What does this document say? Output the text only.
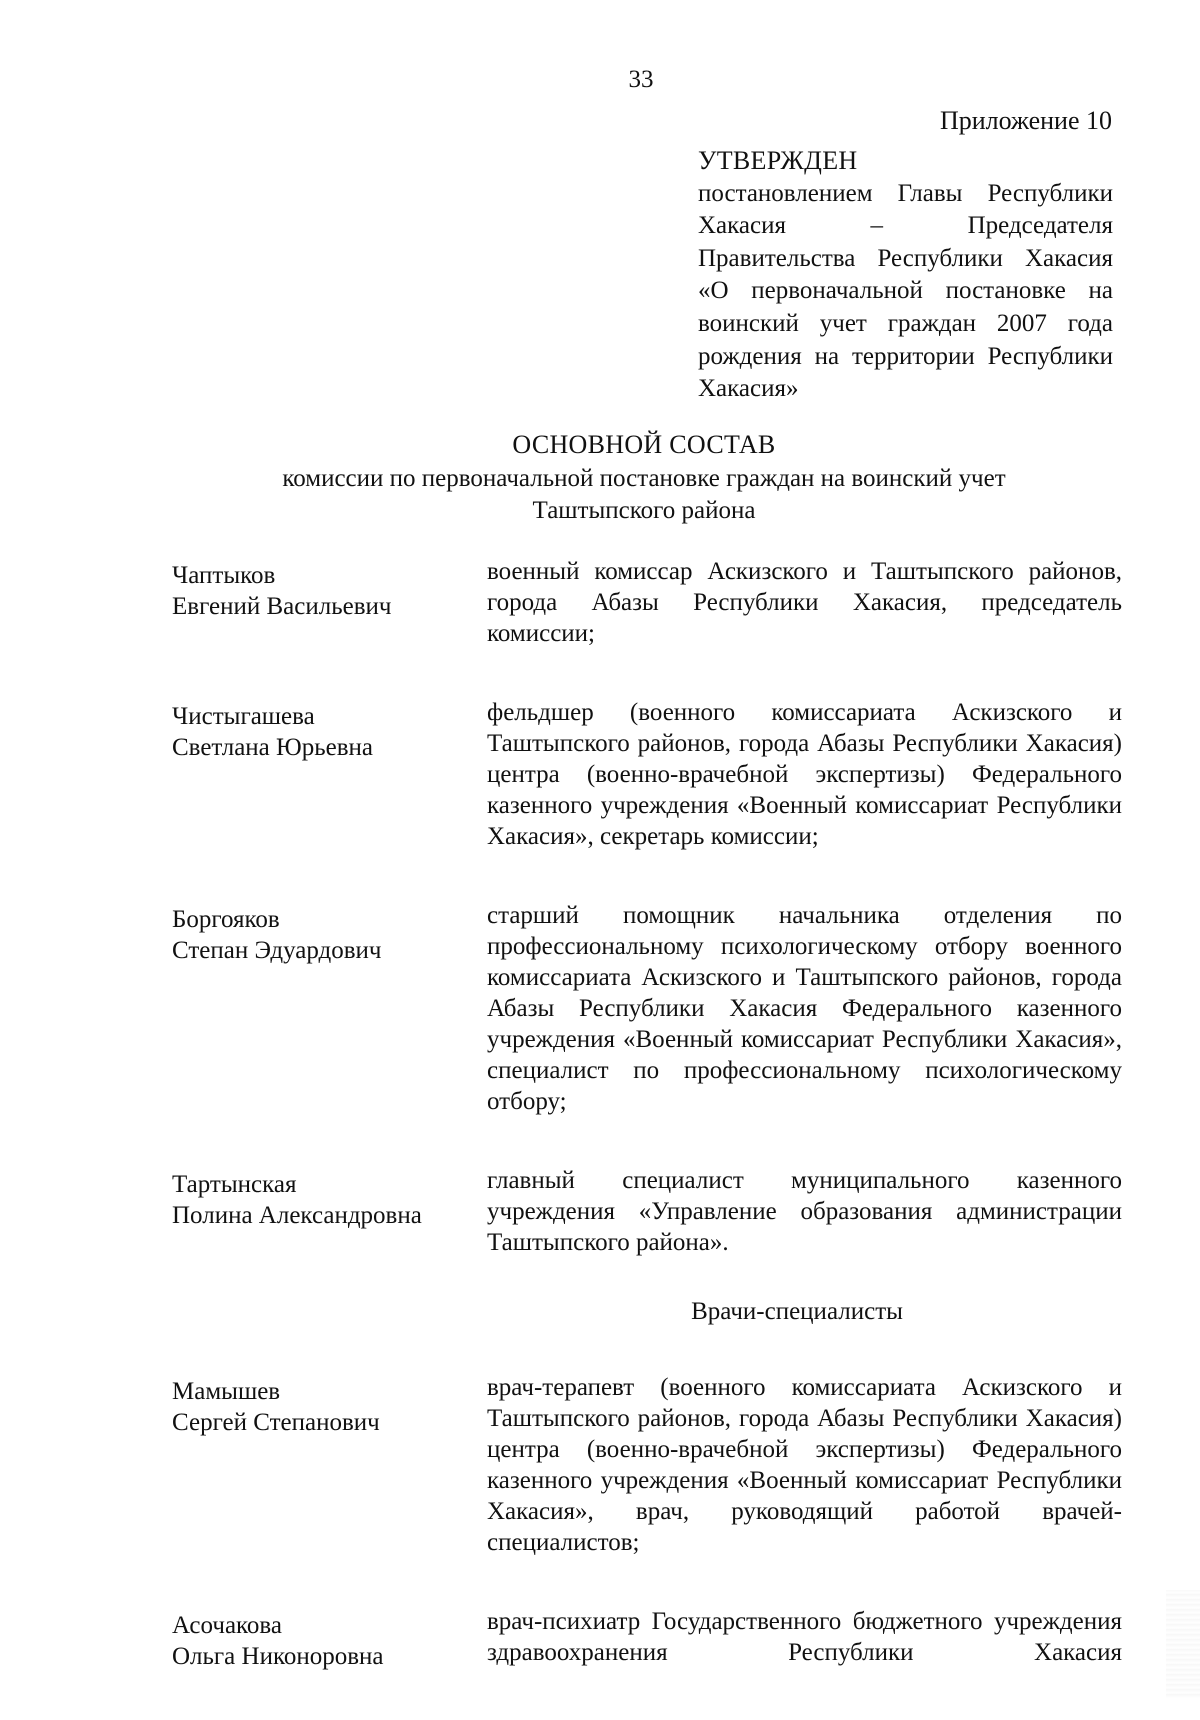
33
Приложение 10
УТВЕРЖДЕН
постановлением Главы Республики
Хакасия – Председателя
Правительства Республики Хакасия «О первоначальной постановке на воинский учет граждан 2007 года рождения на территории Республики Хакасия»
ОСНОВНОЙ СОСТАВ
комиссии по первоначальной постановке граждан на воинский учет
Таштыпского района
Чаптыков
Евгений Васильевич
военный комиссар Аскизского и Таштыпского районов, города Абазы Республики Хакасия, председатель комиссии;
Чистыгашева
Светлана Юрьевна
фельдшер (военного комиссариата Аскизского и Таштыпского районов, города Абазы Республики Хакасия) центра (военно-врачебной экспертизы) Федерального казенного учреждения «Военный комиссариат Республики Хакасия», секретарь комиссии;
Боргояков
Степан Эдуардович
старший помощник начальника отделения по профессиональному психологическому отбору военного комиссариата Аскизского и Таштыпского районов, города Абазы Республики Хакасия Федерального казенного учреждения «Военный комиссариат Республики Хакасия», специалист по профессиональному психологическому отбору;
Тартынская
Полина Александровна
главный специалист муниципального казенного учреждения «Управление образования администрации Таштыпского района».
Врачи-специалисты
Мамышев
Сергей Степанович
врач-терапевт (военного комиссариата Аскизского и Таштыпского районов, города Абазы Республики Хакасия) центра (военно-врачебной экспертизы) Федерального казенного учреждения «Военный комиссариат Республики Хакасия», врач, руководящий работой врачей-специалистов;
Асочакова
Ольга Никоноровна
врач-психиатр Государственного бюджетного учреждения здравоохранения Республики Хакасия
